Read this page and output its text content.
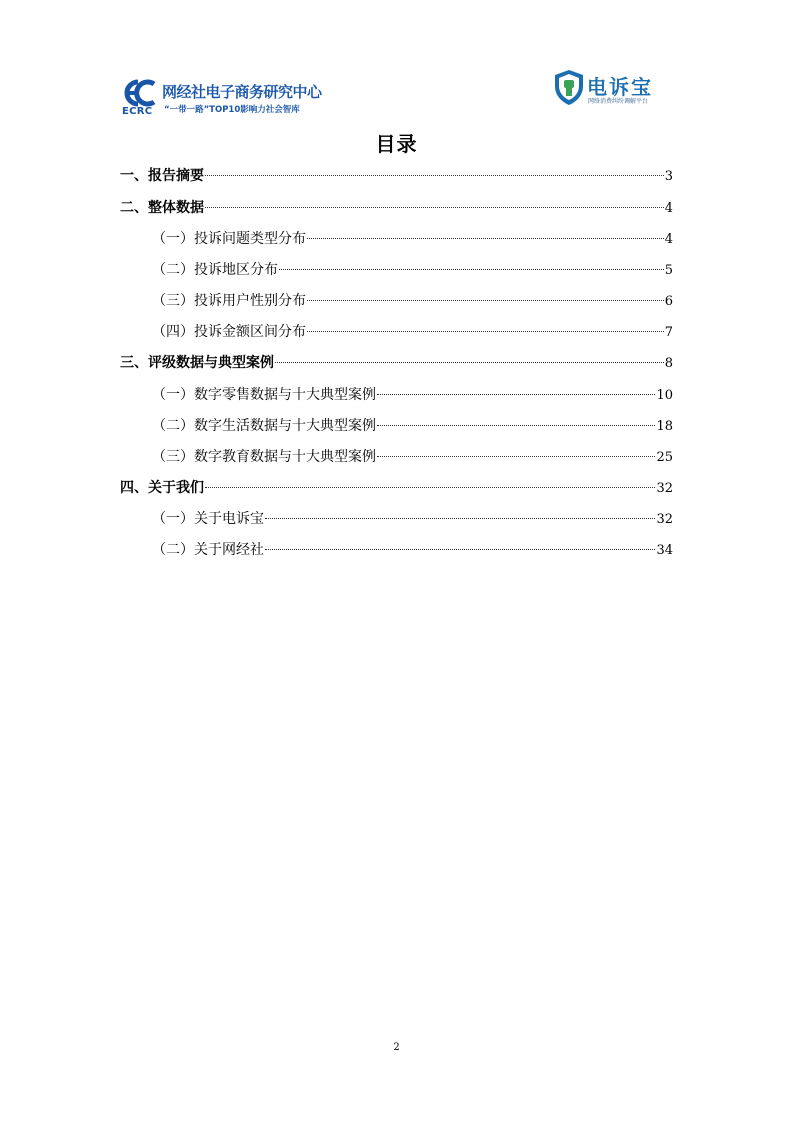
ECRC
网经社电子商务研究中心
“一带一路”TOP10影响力社会智库
电诉宝
网络消费纠纷调解平台
目录
一、报告摘要	3
二、整体数据	4
（一）投诉问题类型分布	4
（二）投诉地区分布	5
（三）投诉用户性别分布	6
（四）投诉金额区间分布	7
三、评级数据与典型案例	8
（一）数字零售数据与十大典型案例	10
（二）数字生活数据与十大典型案例	18
（三）数字教育数据与十大典型案例	25
四、关于我们	32
（一）关于电诉宝	32
（二）关于网经社	34
2
